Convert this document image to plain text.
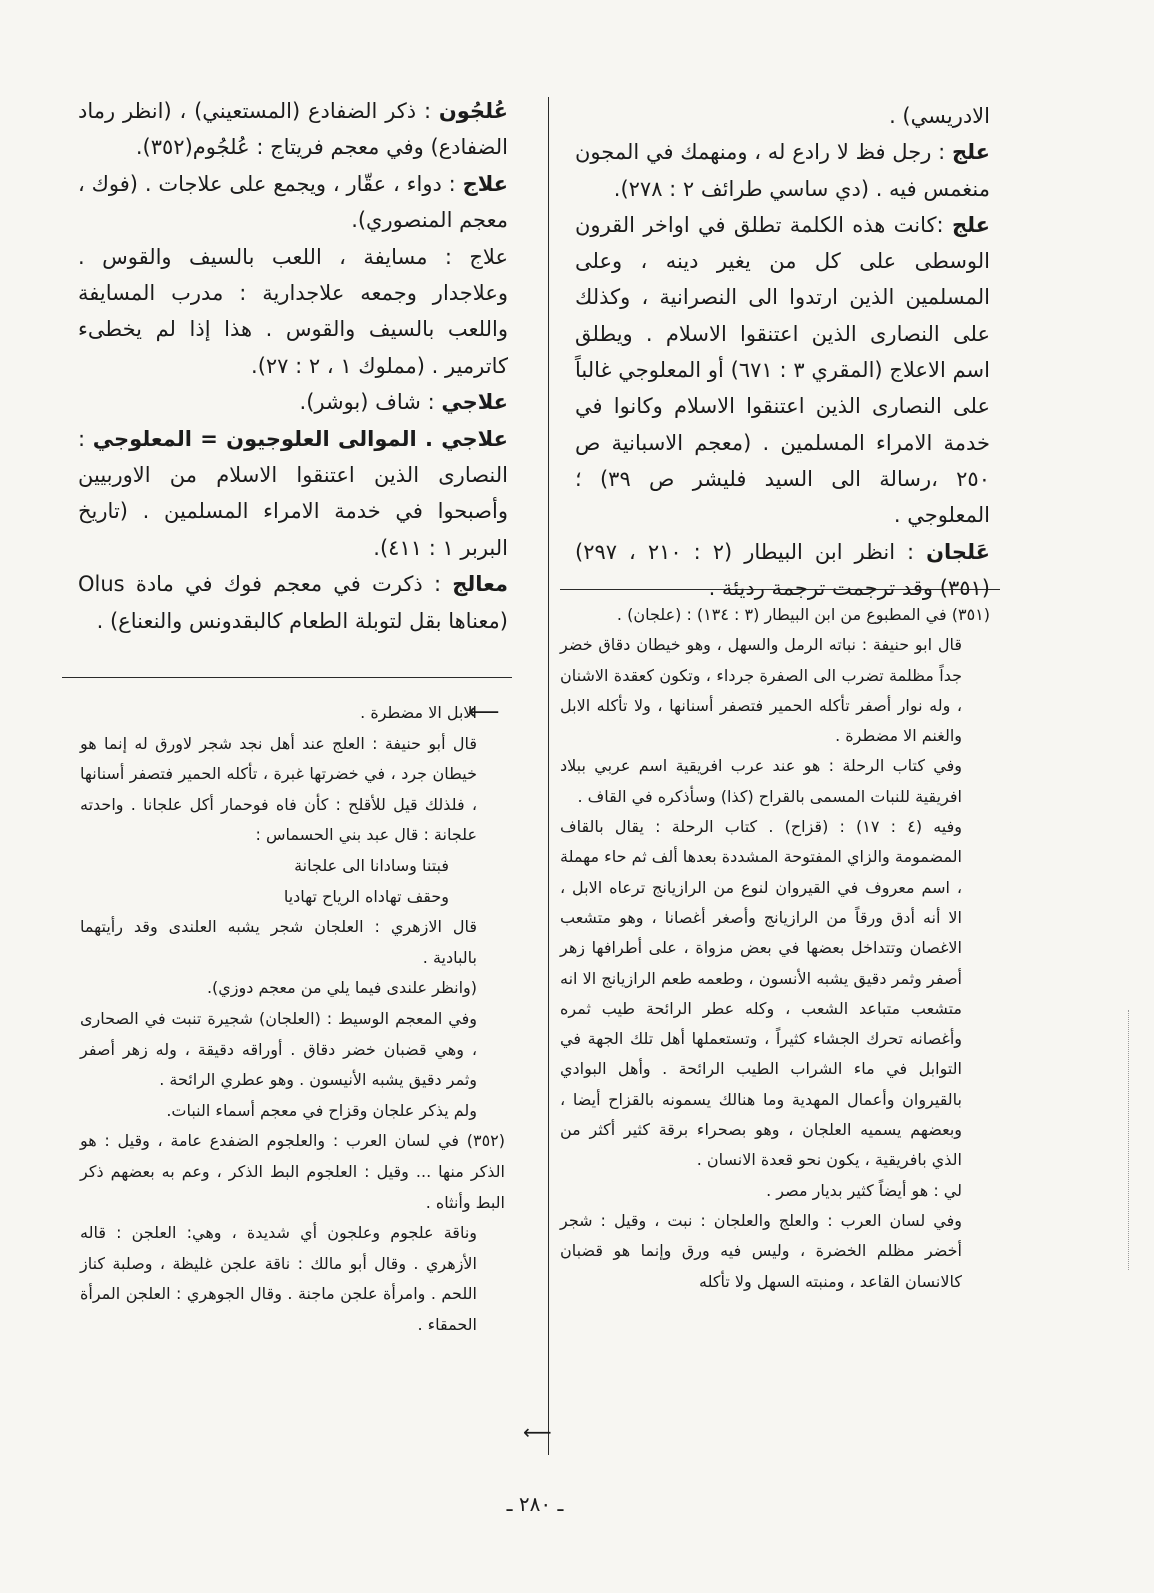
الادريسي) .

علج : رجل فظ لا رادع له ، ومنهمك في المجون منغمس فيه . (دي ساسي طرائف ٢ : ٢٧٨).

علج :كانت هذه الكلمة تطلق في اواخر القرون الوسطى على كل من يغير دينه ، وعلى المسلمين الذين ارتدوا الى النصرانية ، وكذلك على النصارى الذين اعتنقوا الاسلام . ويطلق اسم الاعلاج (المقري ٣ : ٦٧١) أو المعلوجي غالباً على النصارى الذين اعتنقوا الاسلام وكانوا في خدمة الامراء المسلمين . (معجم الاسبانية ص ٢٥٠ ،رسالة الى السيد فليشر ص ٣٩) ؛المعلوجي .

عَلجان : انظر ابن البيطار (٢ : ٢١٠ ، ٢٩٧)(٣٥١) وقد ترجمت ترجمة رديئة .

عُلجُون : ذكر الضفادع (المستعيني) ، (انظر رماد الضفادع) وفي معجم فريتاج : عُلجُوم(٣٥٢).

علاج : دواء ، عقّار ، ويجمع على علاجات . (فوك ، معجم المنصوري).

علاج : مسايفة ، اللعب بالسيف والقوس . وعلاجدار وجمعه علاجدارية : مدرب المسايفة واللعب بالسيف والقوس . هذا إذا لم يخطىء كاترمير . (مملوك ١ ، ٢ : ٢٧).

علاجي : شاف (بوشر).

علاجي . الموالى العلوجيون = المعلوجي : النصارى الذين اعتنقوا الاسلام من الاوربيين وأصبحوا في خدمة الامراء المسلمين . (تاريخ البربر ١ : ٤١١).

معالج : ذكرت في معجم فوك في مادة Olus (معناها بقل لتوبلة الطعام كالبقدونس والنعناع) .	(٣٥١) في المطبوع من ابن البيطار (٣ : ١٣٤) : (علجان) .

قال ابو حنيفة : نباته الرمل والسهل ، وهو خيطان دقاق خضر جداً مظلمة تضرب الى الصفرة جرداء ، وتكون كعقدة الاشنان ، وله نوار أصفر تأكله الحمير فتصفر أسنانها ، ولا تأكله الابل والغنم الا مضطرة .

وفي كتاب الرحلة : هو عند عرب افريقية اسم عربي ببلاد افريقية للنبات المسمى بالقراح (كذا) وسأذكره في القاف .

وفيه (٤ : ١٧) : (قزاح) . كتاب الرحلة : يقال بالقاف المضمومة والزاي المفتوحة المشددة بعدها ألف ثم حاء مهملة ، اسم معروف في القيروان لنوع من الرازيانج ترعاه الابل ، الا أنه أدق ورقاً من الرازيانج وأصغر أغصانا ، وهو متشعب الاغصان وتتداخل بعضها في بعض مزواة ، على أطرافها زهر أصفر وثمر دقيق يشبه الأنسون ، وطعمه طعم الرازيانج الا انه متشعب متباعد الشعب ، وكله عطر الرائحة طيب ثمره وأغصانه تحرك الجشاء كثيراً ، وتستعملها أهل تلك الجهة في التوابل في ماء الشراب الطيب الرائحة . وأهل البوادي بالقيروان وأعمال المهدية وما هنالك يسمونه بالقزاح أيضا ، وبعضهم يسميه العلجان ، وهو بصحراء برقة كثير أكثر من الذي بافريقية ، يكون نحو قعدة الانسان .

لي : هو أيضاً كثير بديار مصر .

وفي لسان العرب : والعلج والعلجان : نبت ، وقيل : شجر أخضر مظلم الخضرة ، وليس فيه ورق وإنما هو قضبان كالانسان القاعد ، ومنبته السهل ولا تأكله

الابل الا مضطرة .

قال أبو حنيفة : العلج عند أهل نجد شجر لاورق له إنما هو خيطان جرد ، في خضرتها غبرة ، تأكله الحمير فتصفر أسنانها ، فلذلك قيل للأقلح : كأن فاه فوحمار أكل علجانا . واحدته علجانة : قال عبد بني الحسماس :

فبتنا وسادانا الى علجانة

وحقف تهاداه الرياح تهاديا

قال الازهري : العلجان شجر يشبه العلندى وقد رأيتهما بالبادية .

(وانظر علندى فيما يلي من معجم دوزي).

وفي المعجم الوسيط : (العلجان) شجيرة تنبت في الصحارى ، وهي قضبان خضر دقاق . أوراقه دقيقة ، وله زهر أصفر وثمر دقيق يشبه الأنيسون . وهو عطري الرائحة .

ولم يذكر علجان وقزاح في معجم أسماء النبات.

(٣٥٢) في لسان العرب : والعلجوم الضفدع عامة ، وقيل : هو الذكر منها ... وقيل : العلجوم البط الذكر ، وعم به بعضهم ذكر البط وأنثاه .

وناقة علجوم وعلجون أي شديدة ، وهي: العلجن : قاله الأزهري . وقال أبو مالك : ناقة علجن غليظة ، وصلبة كناز اللحم . وامرأة علجن ماجنة . وقال الجوهري : العلجن المرأة الحمقاء .

⟵
⟵
ـ ٢٨٠ ـ
